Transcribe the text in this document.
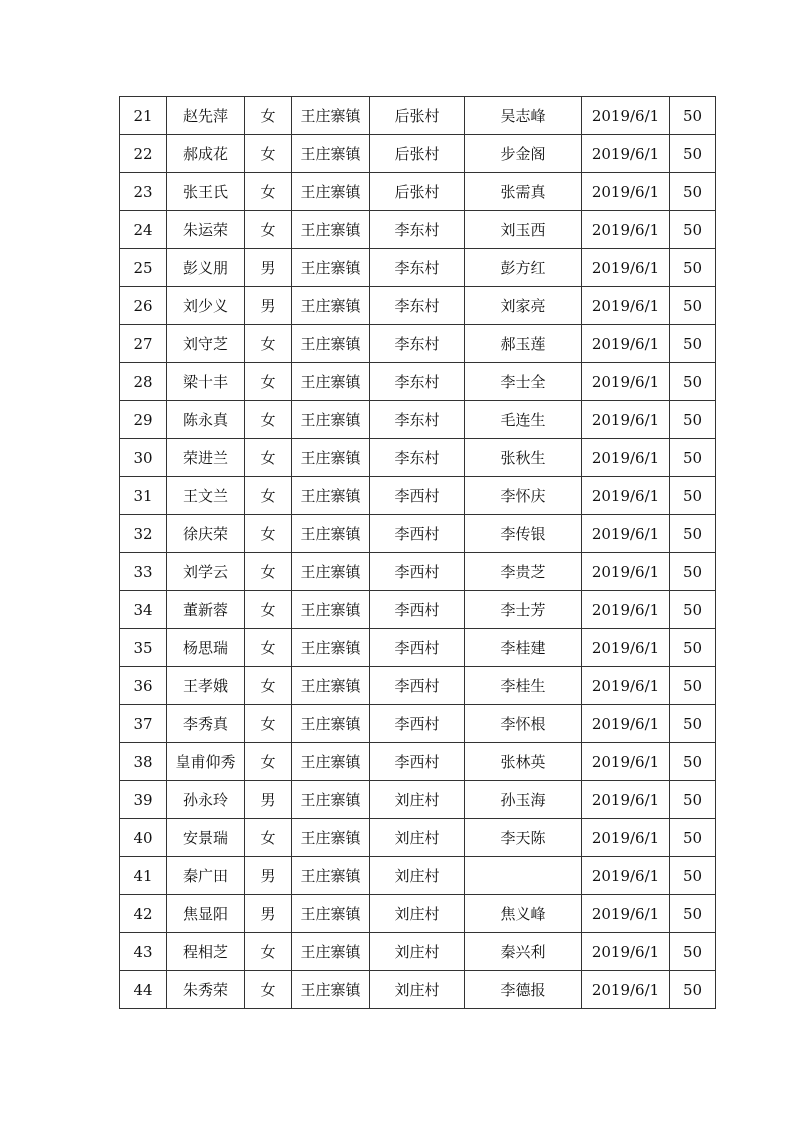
21	赵先萍	女	王庄寨镇	后张村	吴志峰	2019/6/1	50
22	郝成花	女	王庄寨镇	后张村	步金阁	2019/6/1	50
23	张王氏	女	王庄寨镇	后张村	张需真	2019/6/1	50
24	朱运荣	女	王庄寨镇	李东村	刘玉西	2019/6/1	50
25	彭义朋	男	王庄寨镇	李东村	彭方红	2019/6/1	50
26	刘少义	男	王庄寨镇	李东村	刘家亮	2019/6/1	50
27	刘守芝	女	王庄寨镇	李东村	郝玉莲	2019/6/1	50
28	梁十丰	女	王庄寨镇	李东村	李士全	2019/6/1	50
29	陈永真	女	王庄寨镇	李东村	毛连生	2019/6/1	50
30	荣进兰	女	王庄寨镇	李东村	张秋生	2019/6/1	50
31	王文兰	女	王庄寨镇	李西村	李怀庆	2019/6/1	50
32	徐庆荣	女	王庄寨镇	李西村	李传银	2019/6/1	50
33	刘学云	女	王庄寨镇	李西村	李贵芝	2019/6/1	50
34	董新蓉	女	王庄寨镇	李西村	李士芳	2019/6/1	50
35	杨思瑞	女	王庄寨镇	李西村	李桂建	2019/6/1	50
36	王孝娥	女	王庄寨镇	李西村	李桂生	2019/6/1	50
37	李秀真	女	王庄寨镇	李西村	李怀根	2019/6/1	50
38	皇甫仰秀	女	王庄寨镇	李西村	张林英	2019/6/1	50
39	孙永玲	男	王庄寨镇	刘庄村	孙玉海	2019/6/1	50
40	安景瑞	女	王庄寨镇	刘庄村	李天陈	2019/6/1	50
41	秦广田	男	王庄寨镇	刘庄村		2019/6/1	50
42	焦显阳	男	王庄寨镇	刘庄村	焦义峰	2019/6/1	50
43	程相芝	女	王庄寨镇	刘庄村	秦兴利	2019/6/1	50
44	朱秀荣	女	王庄寨镇	刘庄村	李德报	2019/6/1	50
